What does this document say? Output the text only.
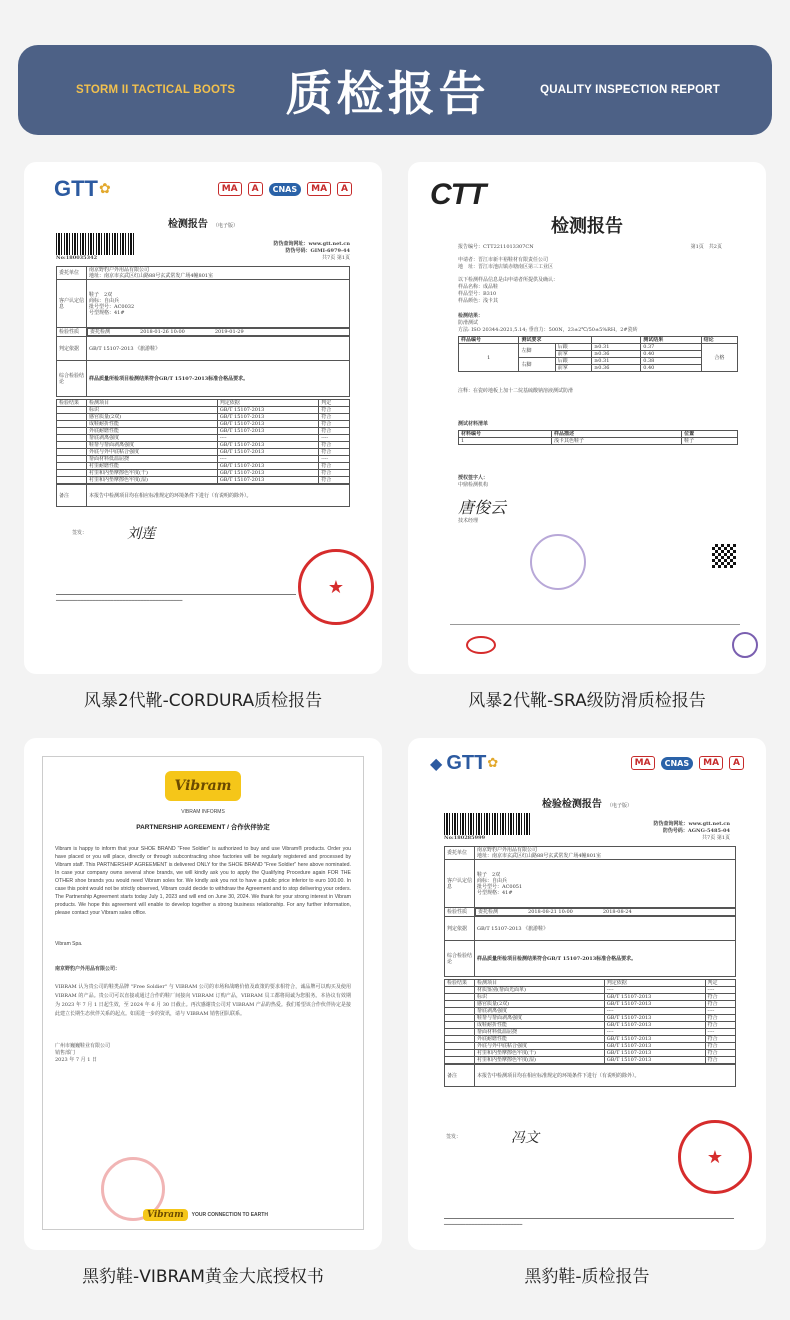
STORM II TACTICAL BOOTS 质检报告	QUALITY INSPECTION REPORT
GTT ✿	MA	A	CNAS	MA	A
检测报告 （电子版）
No:180035342
防伪查询网址：www.gtt.net.cn
防伪号码：GIMI-6979-44
共7页 第1页
委托单位	南京野豹户外用品有限公司
地址：南京市玄武区红山路88号玄武常发广场4幢801室

客户认定信息	鞋子　2双
商标：自由兵
批号型号：AC0032
号型规格：41#

检验性质	委托检测	2018-01-26 10:00	2019-01-29

判定依据	GB/T 15107-2013 《旅游鞋》
综合检验结论	样品质量所检项目检测结果符合GB/T 15107-2013标准合格品要求。
检验结果	检测项目	判定依据	判定
	标识	GB/T 15107-2013	符合
	感官质量(2双)	GB/T 15107-2013	符合
	成鞋耐折性能	GB/T 15107-2013	符合
	外底耐磨性能	GB/T 15107-2013	符合
	帮底剥离强度	----	----
	鞋帮与帮面剥离强度	GB/T 15107-2013	符合
	外底与外中底粘合强度	GB/T 15107-2013	符合
	帮面材料低温屈挠	----	----
	衬里耐磨性能	GB/T 15107-2013	符合
	衬里和内垫摩擦色牢度(干)	GB/T 15107-2013	符合
	衬里和内垫摩擦色牢度(湿)	GB/T 15107-2013	符合
备注	本报告中检测项目均在相应标准规定的环境条件下进行（有说明的除外）。
签发：	刘莲
★
━━━━━━━━━━━━━━━━━━━━━━━━━━━━━━━━━━━━━━━━━━
风暴2代靴-CORDURA质检报告
CTT
检测报告
报告编号：CTT2211013307CN	第1页　共2页
申请者：晋江市新丰裕鞋材有限责任公司
地　址：晋江市池店镇赤塘南区第三工业区
以下检测样品信息是由申请者所提供及确认：
样品名称：成品鞋
样品型号：B310
样品颜色：浅卡其
检测结果：
防滑测试
方法: ISO 20344:2021,5.14; 垂直力：500N，23±2℃/50±5%RH，2#瓷砖
样品编号	测试要求			测试结果	结论
1	左脚	后跟	≥0.31	0.37	合格
		前掌	≥0.36	0.40	
	右脚	后跟	≥0.31	0.38	
		前掌	≥0.36	0.40	
注释：在瓷砖地板上加十二烷基硫酸钠溶液测试防滑
测试材料清单
材料编号	样品描述	位置
1	浅卡其色鞋子	鞋子
授权签字人：
中鼎检测机构
唐俊云
技术经理
风暴2代靴-SRA级防滑质检报告
Vibram
VIBRAM INFORMS
PARTNERSHIP AGREEMENT / 合作伙伴协定
Vibram is happy to inform that your SHOE BRAND "Free Soldier" is authorized to buy and use Vibram® products. Order you have placed or you will place, directly or through subcontracting shoe factories will be regularly registered and processed by Vibram staff. This PARTNERSHIP AGREEMENT is delivered ONLY for the SHOE BRAND "Free Soldier" here above nominated. In case your company owns several shoe brands, we will kindly ask you to apply the Qualifying Procedure again FOR THE OTHER shoe brands you would need Vibram soles for. We kindly ask you not to have a public price inferior to euro 100.00. In case this point would not be strictly observed, Vibram could decide to withdraw the Agreement and to stop delivering your orders. The Partnership Agreement starts today July 1, 2023 and will end on June 30, 2024. We thank for your strong interest in Vibram products. We hope this agreement will enable to develop together a strong business relationship. For any further information, please contact your Vibram sales office.
Vibram Spa.
南京野豹户外用品有限公司：
VIBRAM 认为贵公司的鞋类品牌 "Free Soldier" 与 VIBRAM 公司的市场和战略价值及政策的要求相符合，诚品牌可以购买及使用 VIBRAM 的产品。贵公司可以直接或通过合作的鞋厂间接向 VIBRAM 订购产品，VIBRAM 员工都将阅诚为您服务。本协议有效期为 2023 年 7 月 1 日起生效，至 2024 年 6 月 30 日截止。再次感谢贵公司对 VIBRAM 产品的热爱。我们希望该合作伙伴协定是接此建立长期生态伙伴关系的起点。如需进一步的资讯，请与 VIBRAM 销售团队联系。
广州市巍巍鞋业有限公司
销售部门
2023 年 7 月 1 日
Vibram	YOUR CONNECTION TO EARTH
黑豹鞋-VIBRAM黄金大底授权书
◆ GTT ✿	MA	CNAS	MA	A
检验检测报告 （电子版）
No:180285999
防伪查询网址：www.gtt.net.cn
防伪号码：AGNG-5485-04
共7页 第1页
委托单位	南京野豹户外用品有限公司
地址：南京市玄武区红山路88号玄武常发广场4幢801室

客户认定信息	鞋子　2双
商标：自由兵
批号型号：AC0051
号型规格：41#

检验性质	委托检测	2018-08-21 10:00	2018-08-24

判定依据	GB/T 15107-2013 《旅游鞋》
综合检验结论	样品质量所检项目检测结果符合GB/T 15107-2013标准合格品要求。
检验结果	检测项目	判定依据	判定
	材质鉴别(帮面光面革)	----	----
	标识	GB/T 15107-2013	符合
	感官质量(2双)	GB/T 15107-2013	符合
	帮底剥离强度	----	----
	鞋帮与帮面剥离强度	GB/T 15107-2013	符合
	成鞋耐折性能	GB/T 15107-2013	符合
	帮面材料低温屈挠	----	----
	外底耐磨性能	GB/T 15107-2013	符合
	外底与外中底粘合强度	GB/T 15107-2013	符合
	衬里和内垫摩擦色牢度(干)	GB/T 15107-2013	符合
	衬里和内垫摩擦色牢度(湿)	GB/T 15107-2013	符合
备注	本报告中检测项目均在相应标准规定的环境条件下进行（有说明的除外）。
签发：	冯文
★
━━━━━━━━━━━━━━━━━━━━━━━━━━
黑豹鞋-质检报告
